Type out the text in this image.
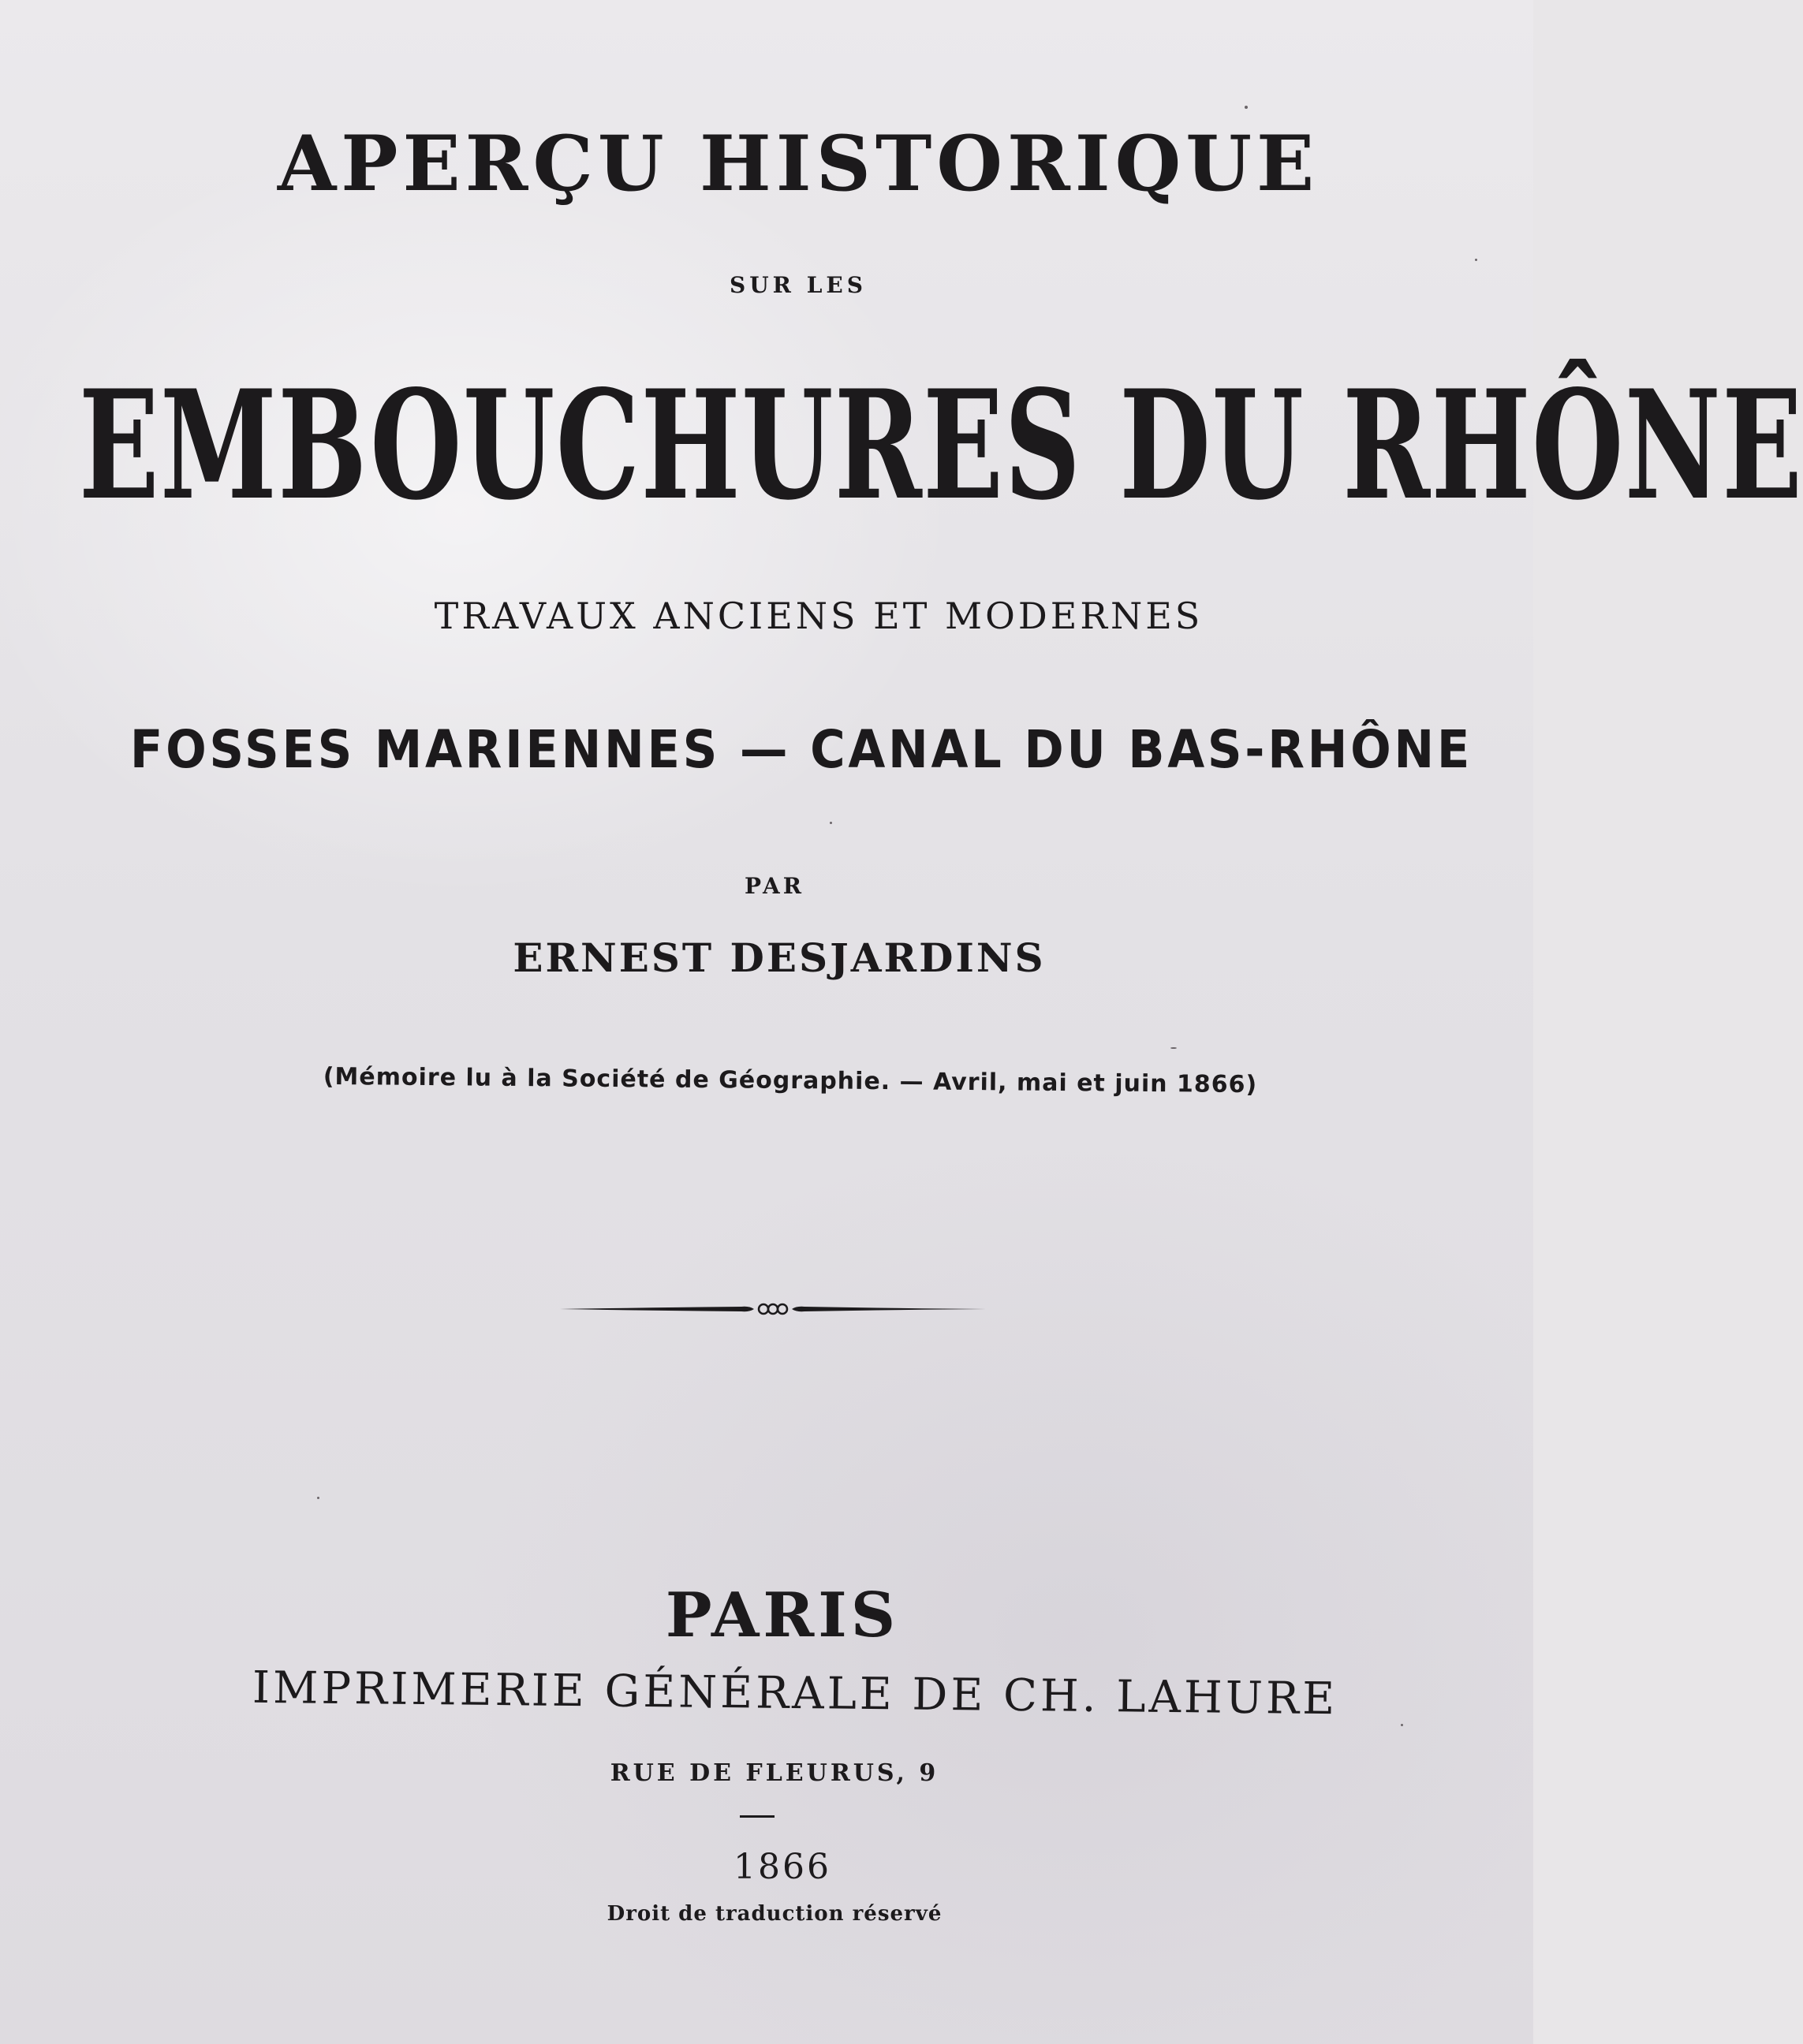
APERÇU HISTORIQUE

SUR LES

EMBOUCHURES DU RHÔNE

TRAVAUX ANCIENS ET MODERNES

FOSSES MARIENNES — CANAL DU BAS-RHÔNE

PAR

ERNEST DESJARDINS

(Mémoire lu à la Société de Géographie. — Avril, mai et juin 1866)

PARIS

IMPRIMERIE GÉNÉRALE DE CH. LAHURE

RUE DE FLEURUS, 9

1866

Droit de traduction réservé
